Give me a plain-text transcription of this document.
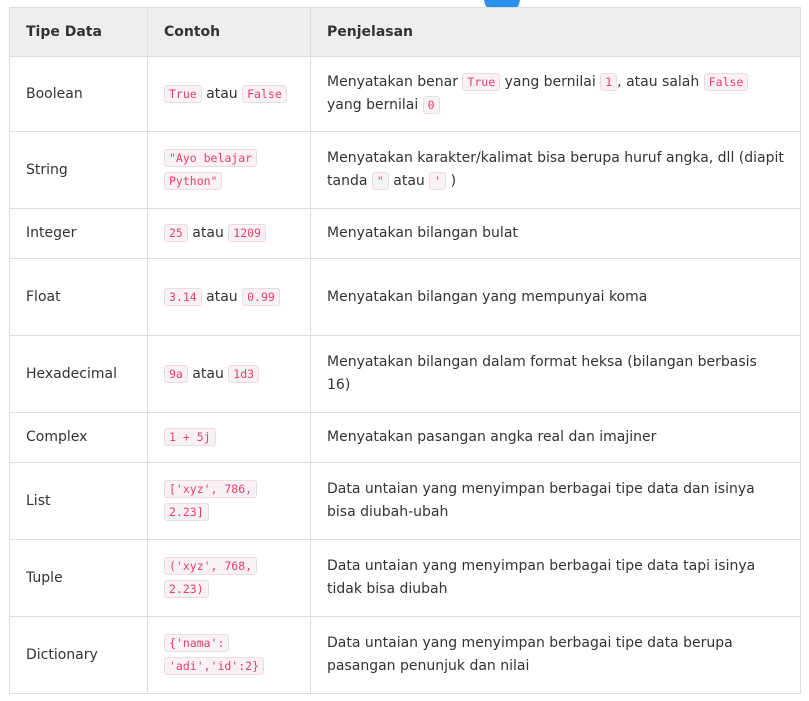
Tipe Data	Contoh	Penjelasan
Boolean	True atau False	Menyatakan benar True yang bernilai 1 , atau salah False yang bernilai 0
String	"Ayo belajar Python"	Menyatakan karakter/kalimat bisa berupa huruf angka, dll (diapit tanda " atau ' )
Integer	25 atau 1209	Menyatakan bilangan bulat
Float	3.14 atau 0.99	Menyatakan bilangan yang mempunyai koma
Hexadecimal	9a atau 1d3	Menyatakan bilangan dalam format heksa (bilangan berbasis 16)
Complex	1 + 5j	Menyatakan pasangan angka real dan imajiner
List	['xyz', 786, 2.23]	Data untaian yang menyimpan berbagai tipe data dan isinya bisa diubah-ubah
Tuple	('xyz', 768, 2.23)	Data untaian yang menyimpan berbagai tipe data tapi isinya tidak bisa diubah
Dictionary	{'nama': 'adi','id':2}	Data untaian yang menyimpan berbagai tipe data berupa pasangan penunjuk dan nilai
